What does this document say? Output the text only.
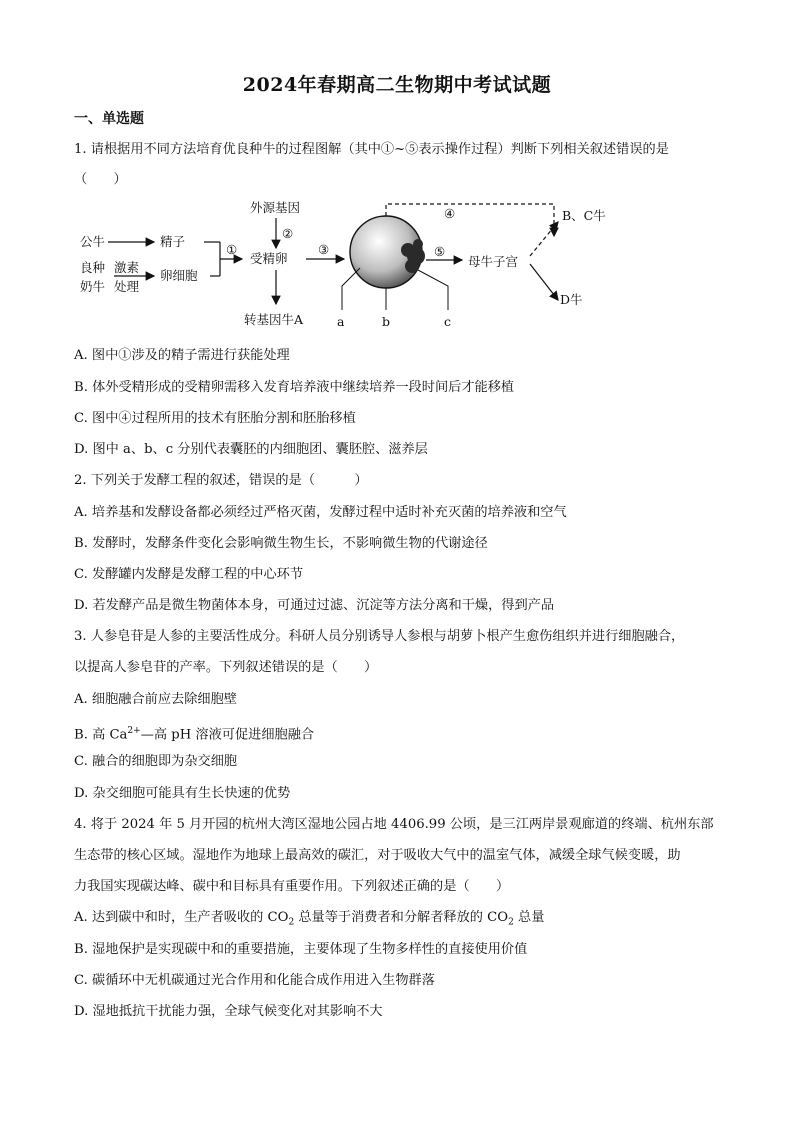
2024年春期高二生物期中考试试题
一、单选题
1. 请根据用不同方法培育优良种牛的过程图解（其中①~⑤表示操作过程）判断下列相关叙述错误的是
（　　）
公牛	精子
良种
奶牛
激素
处理
卵细胞
①
外源基因
②
受精卵
转基因牛A
③
a	b	c
④
⑤
母牛子宫
B、C牛
D牛
A. 图中①涉及的精子需进行获能处理
B. 体外受精形成的受精卵需移入发育培养液中继续培养一段时间后才能移植
C. 图中④过程所用的技术有胚胎分割和胚胎移植
D. 图中 a、b、c 分别代表囊胚的内细胞团、囊胚腔、滋养层
2. 下列关于发酵工程的叙述，错误的是（　　　）
A. 培养基和发酵设备都必须经过严格灭菌，发酵过程中适时补充灭菌的培养液和空气
B. 发酵时，发酵条件变化会影响微生物生长，不影响微生物的代谢途径
C. 发酵罐内发酵是发酵工程的中心环节
D. 若发酵产品是微生物菌体本身，可通过过滤、沉淀等方法分离和干燥，得到产品
3. 人参皂苷是人参的主要活性成分。科研人员分别诱导人参根与胡萝卜根产生愈伤组织并进行细胞融合，
以提高人参皂苷的产率。下列叙述错误的是（　　）
A. 细胞融合前应去除细胞壁
B. 高 $Ca^{2+}—$高 pH 溶液可促进细胞融合
C. 融合的细胞即为杂交细胞
D. 杂交细胞可能具有生长快速的优势
4. 将于 2024 年 5 月开园的杭州大湾区湿地公园占地 4406.99 公顷，是三江两岸景观廊道的终端、杭州东部
生态带的核心区域。湿地作为地球上最高效的碳汇，对于吸收大气中的温室气体，减缓全球气候变暖，助
力我国实现碳达峰、碳中和目标具有重要作用。下列叙述正确的是（　　）
A. 达到碳中和时，生产者吸收的 $CO_2$ 总量等于消费者和分解者释放的 $CO_2$ 总量
B. 湿地保护是实现碳中和的重要措施，主要体现了生物多样性的直接使用价值
C. 碳循环中无机碳通过光合作用和化能合成作用进入生物群落
D. 湿地抵抗干扰能力强，全球气候变化对其影响不大
